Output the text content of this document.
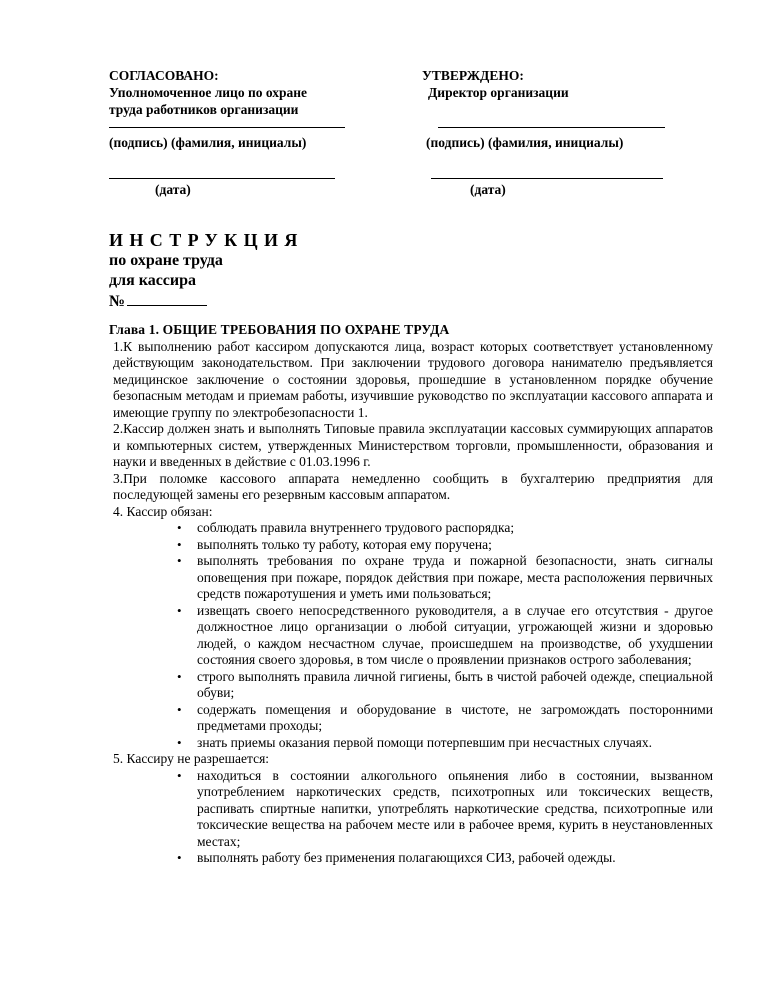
СОГЛАСОВАНО:
Уполномоченное лицо по охране
труда работников организации
УТВЕРЖДЕНО:
Директор организации
(подпись) (фамилия, инициалы)	(подпись) (фамилия, инициалы)
(дата)	(дата)
ИНСТРУКЦИЯ
по охране труда
для кассира
№
Глава 1. ОБЩИЕ ТРЕБОВАНИЯ ПО ОХРАНЕ ТРУДА

1.К выполнению работ кассиром допускаются лица, возраст которых соответствует установленному действующим законодательством. При заключении трудового договора нанимателю предъявляется медицинское заключение о состоянии здоровья, прошедшие в установленном порядке обучение безопасным методам и приемам работы, изучившие руководство по эксплуатации кассового аппарата и имеющие группу по электробезопасности 1.

2.Кассир должен знать и выполнять Типовые правила эксплуатации кассовых суммирующих аппаратов и компьютерных систем, утвержденных Министерством торговли, промышленности, образования и науки и введенных в действие с 01.03.1996 г.

3.При поломке кассового аппарата немедленно сообщить в бухгалтерию предприятия для последующей замены его резервным кассовым аппаратом.

4. Кассир обязан:

• соблюдать правила внутреннего трудового распорядка;
• выполнять только ту работу, которая ему поручена;
• выполнять требования по охране труда и пожарной безопасности, знать сигналы оповещения при пожаре, порядок действия при пожаре, места расположения первичных средств пожаротушения и уметь ими пользоваться;
• извещать своего непосредственного руководителя, а в случае его отсутствия - другое должностное лицо организации о любой ситуации, угрожающей жизни и здоровью людей, о каждом несчастном случае, происшедшем на производстве, об ухудшении состояния своего здоровья, в том числе о проявлении признаков острого заболевания;
• строго выполнять правила личной гигиены, быть в чистой рабочей одежде, специальной обуви;
• содержать помещения и оборудование в чистоте, не загромождать посторонними предметами проходы;
• знать приемы оказания первой помощи потерпевшим при несчастных случаях.

5. Кассиру не разрешается:

• находиться в состоянии алкогольного опьянения либо в состоянии, вызванном употреблением наркотических средств, психотропных или токсических веществ, распивать спиртные напитки, употреблять наркотические средства, психотропные или токсические вещества на рабочем месте или в рабочее время, курить в неустановленных местах;
• выполнять работу без применения полагающихся СИЗ, рабочей одежды.
